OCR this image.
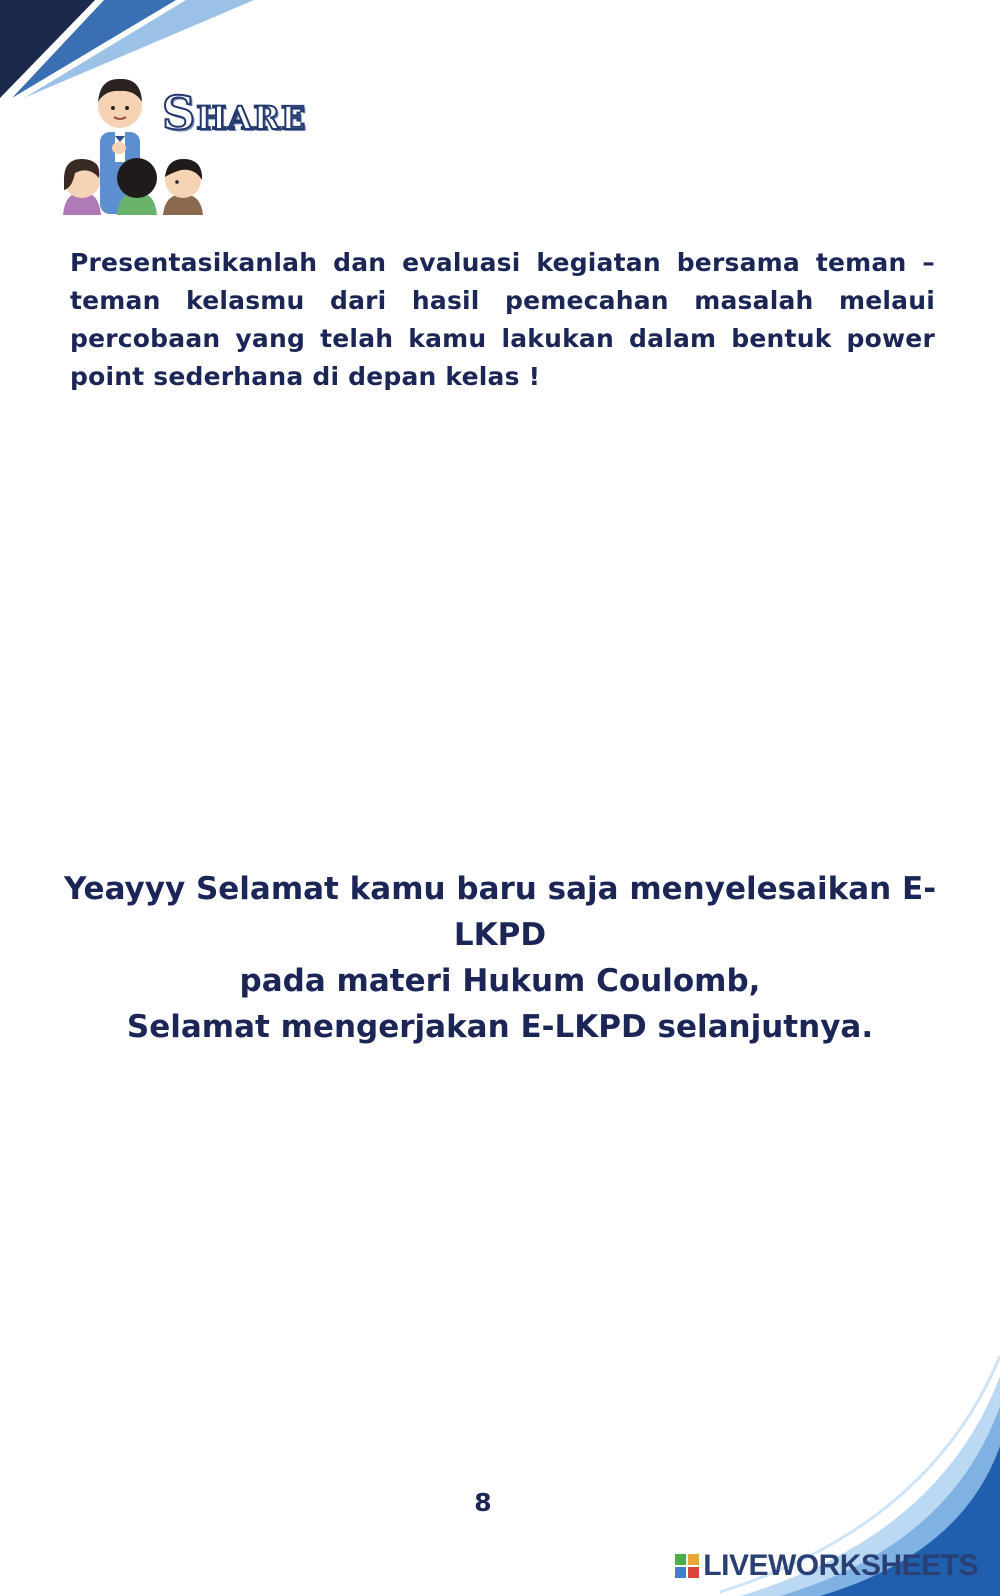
Share

Presentasikanlah dan evaluasi kegiatan bersama teman – teman kelasmu dari hasil pemecahan masalah melaui percobaan yang telah kamu lakukan dalam bentuk power point sederhana di depan kelas !

Yeayyy Selamat kamu baru saja menyelesaikan E-LKPD
pada materi Hukum Coulomb,
Selamat mengerjakan E-LKPD selanjutnya.

8
LIVEWORKSHEETS
